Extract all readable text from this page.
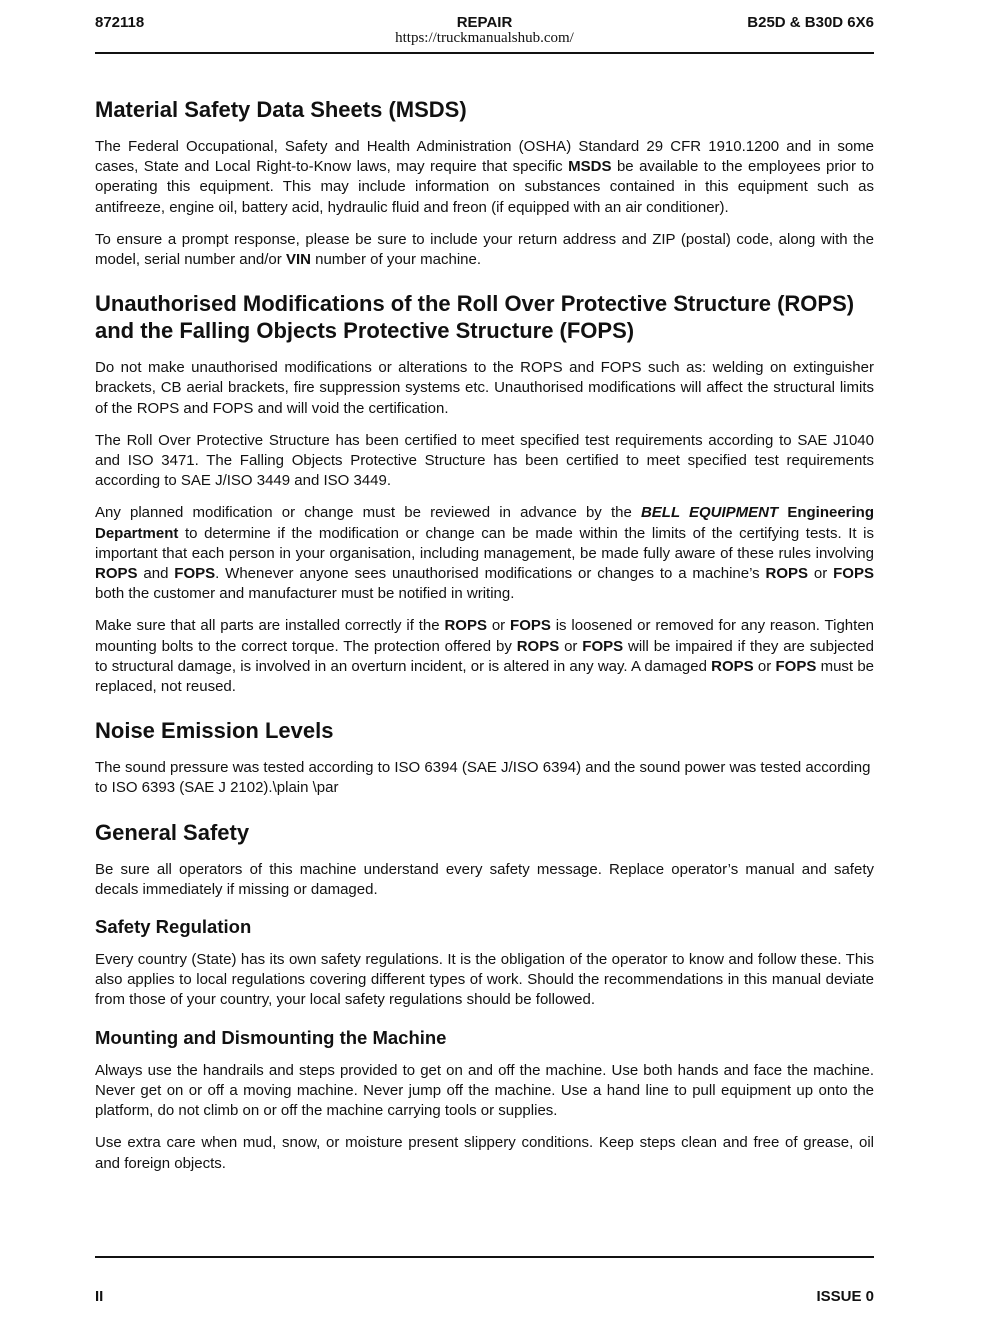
872118	REPAIR
https://truckmanualshub.com/
B25D & B30D 6X6
Material Safety Data Sheets (MSDS)

The Federal Occupational, Safety and Health Administration (OSHA) Standard 29 CFR 1910.1200 and in some cases, State and Local Right-to-Know laws, may require that specific MSDS be available to the employees prior to operating this equipment. This may include information on substances contained in this equipment such as antifreeze, engine oil, battery acid, hydraulic fluid and freon (if equipped with an air conditioner).

To ensure a prompt response, please be sure to include your return address and ZIP (postal) code, along with the model, serial number and/or VIN number of your machine.

Unauthorised Modifications of the Roll Over Protective Structure (ROPS) and the Falling Objects Protective Structure (FOPS)

Do not make unauthorised modifications or alterations to the ROPS and FOPS such as: welding on extinguisher brackets, CB aerial brackets, fire suppression systems etc. Unauthorised modifications will affect the structural limits of the ROPS and FOPS and will void the certification.

The Roll Over Protective Structure has been certified to meet specified test requirements according to SAE J1040 and ISO 3471. The Falling Objects Protective Structure has been certified to meet specified test requirements according to SAE J/ISO 3449 and ISO 3449.

Any planned modification or change must be reviewed in advance by the BELL EQUIPMENT Engineering Department to determine if the modification or change can be made within the limits of the certifying tests. It is important that each person in your organisation, including management, be made fully aware of these rules involving ROPS and FOPS. Whenever anyone sees unauthorised modifications or changes to a machine’s ROPS or FOPS both the customer and manufacturer must be notified in writing.

Make sure that all parts are installed correctly if the ROPS or FOPS is loosened or removed for any reason. Tighten mounting bolts to the correct torque. The protection offered by ROPS or FOPS will be impaired if they are subjected to structural damage, is involved in an overturn incident, or is altered in any way. A damaged ROPS or FOPS must be replaced, not reused.

Noise Emission Levels

The sound pressure was tested according to ISO 6394 (SAE J/ISO 6394) and the sound power was tested according to ISO 6393 (SAE J 2102).\plain \par

General Safety

Be sure all operators of this machine understand every safety message. Replace operator’s manual and safety decals immediately if missing or damaged.

Safety Regulation

Every country (State) has its own safety regulations. It is the obligation of the operator to know and follow these. This also applies to local regulations covering different types of work. Should the recommendations in this manual deviate from those of your country, your local safety regulations should be followed.

Mounting and Dismounting the Machine

Always use the handrails and steps provided to get on and off the machine. Use both hands and face the machine. Never get on or off a moving machine. Never jump off the machine. Use a hand line to pull equipment up onto the platform, do not climb on or off the machine carrying tools or supplies.

Use extra care when mud, snow, or moisture present slippery conditions. Keep steps clean and free of grease, oil and foreign objects.

II	ISSUE 0
